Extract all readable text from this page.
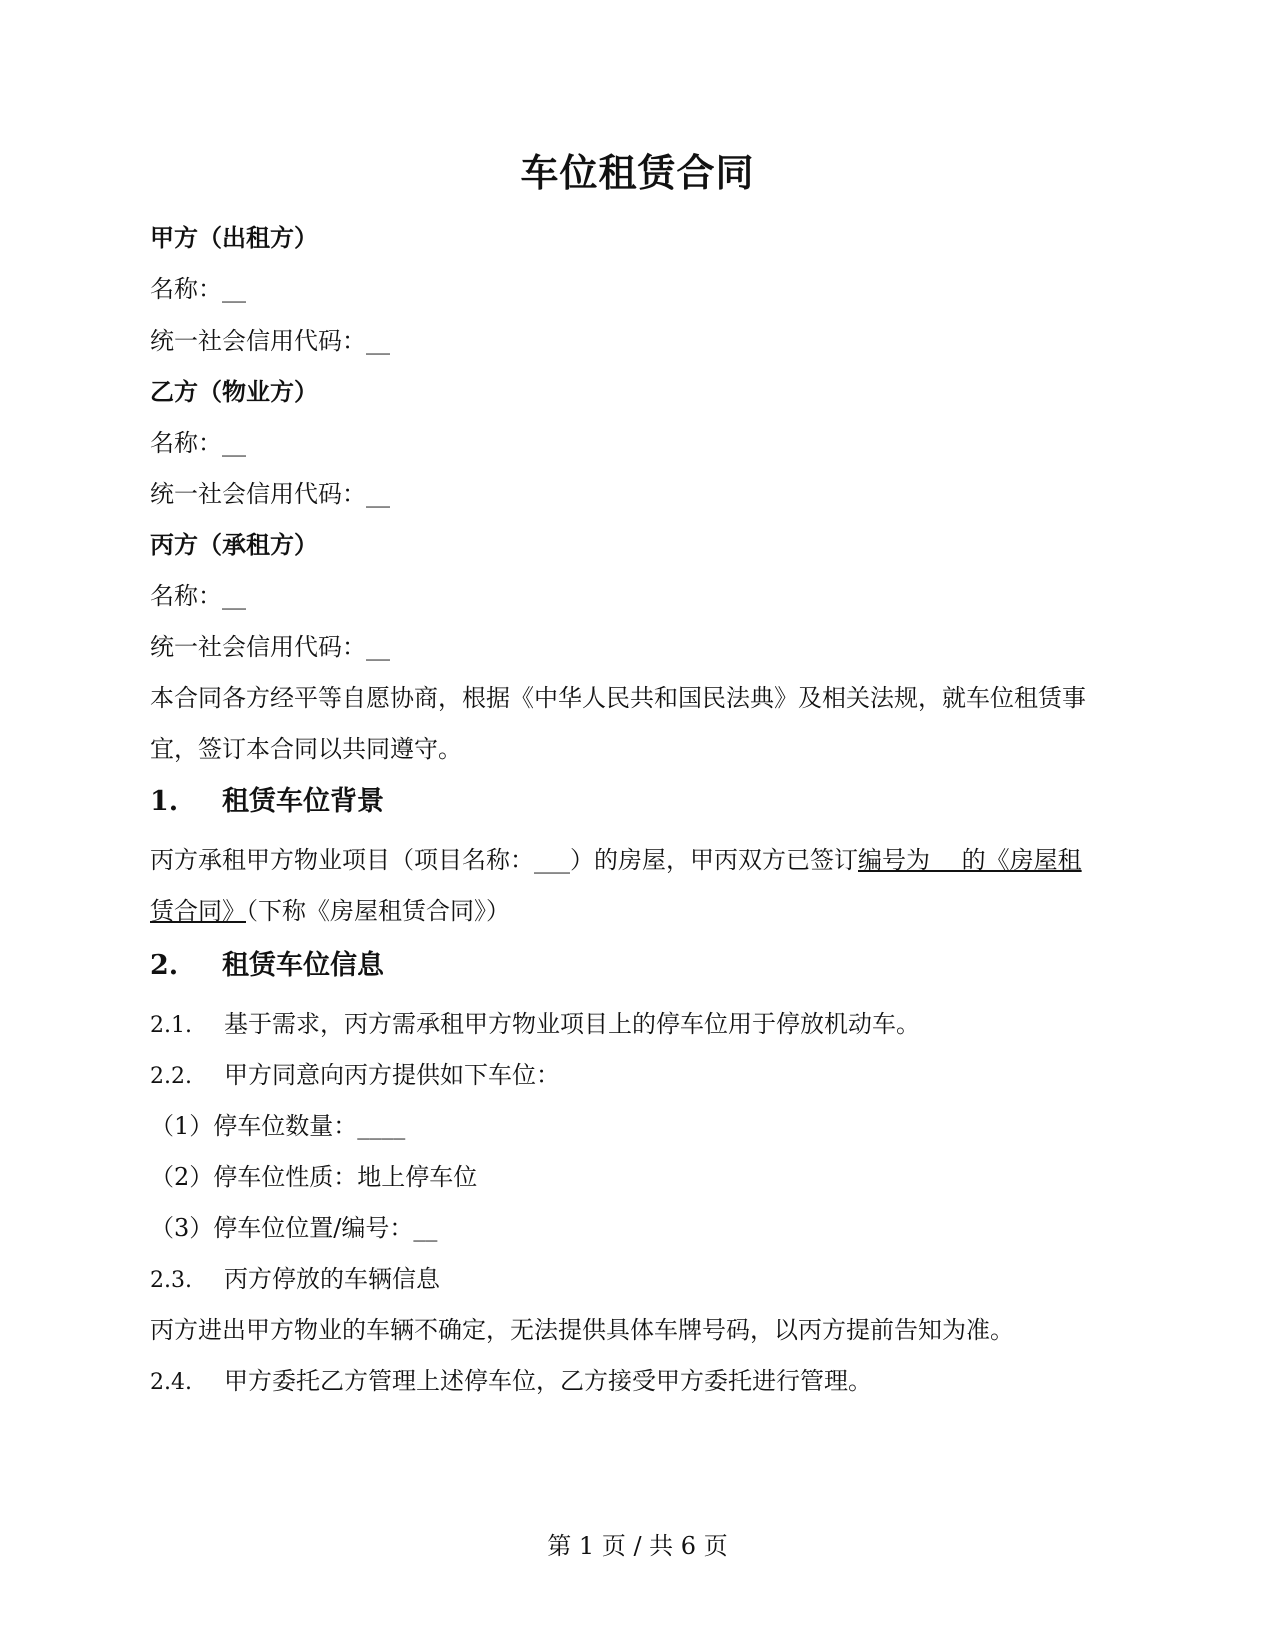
车位租赁合同
甲方（出租方）
名称：__
统一社会信用代码：__
乙方（物业方）
名称：__
统一社会信用代码：__
丙方（承租方）
名称：__
统一社会信用代码：__
本合同各方经平等自愿协商，根据《中华人民共和国民法典》及相关法规，就车位租赁事
宜，签订本合同以共同遵守。
1. 租赁车位背景
丙方承租甲方物业项目（项目名称：___）的房屋，甲丙双方已签订编号为　 的《房屋租
赁合同》（下称《房屋租赁合同》）
2. 租赁车位信息
2.1. 基于需求，丙方需承租甲方物业项目上的停车位用于停放机动车。
2.2. 甲方同意向丙方提供如下车位：
（1）停车位数量：____
（2）停车位性质：地上停车位
（3）停车位位置/编号：__
2.3. 丙方停放的车辆信息
丙方进出甲方物业的车辆不确定，无法提供具体车牌号码，以丙方提前告知为准。
2.4. 甲方委托乙方管理上述停车位，乙方接受甲方委托进行管理。
第 1 页 / 共 6 页
